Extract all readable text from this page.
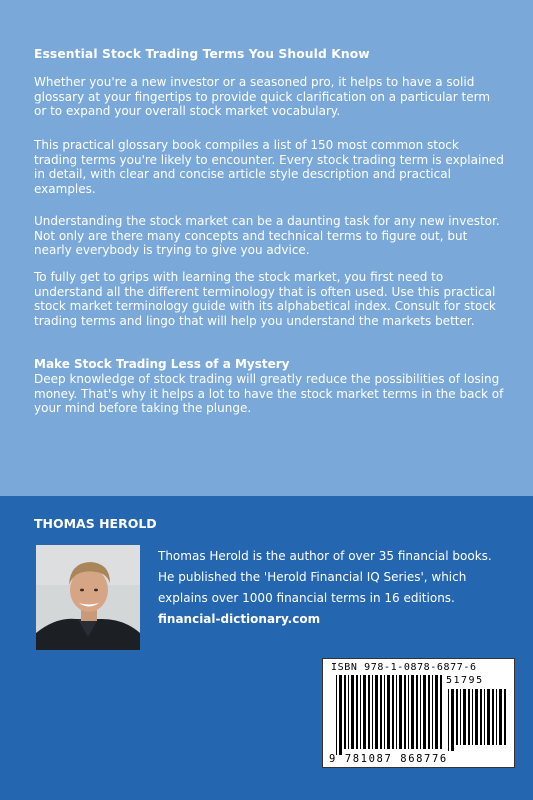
Essential Stock Trading Terms You Should Know
Whether you're a new investor or a seasoned pro, it helps to have a solid glossary at your fingertips to provide quick clarification on a particular term or to expand your overall stock market vocabulary.
This practical glossary book compiles a list of 150 most common stock trading terms you're likely to encounter. Every stock trading term is explained in detail, with clear and concise article style description and practical examples.
Understanding the stock market can be a daunting task for any new investor. Not only are there many concepts and technical terms to figure out, but nearly everybody is trying to give you advice.
To fully get to grips with learning the stock market, you first need to understand all the different terminology that is often used. Use this practical stock market terminology guide with its alphabetical index. Consult for stock trading terms and lingo that will help you understand the markets better.
Make Stock Trading Less of a Mystery
Deep knowledge of stock trading will greatly reduce the possibilities of losing money. That's why it helps a lot to have the stock market terms in the back of your mind before taking the plunge.
THOMAS HEROLD
Thomas Herold is the author of over 35 financial books. He published the 'Herold Financial IQ Series', which explains over 1000 financial terms in 16 editions.
financial-dictionary.com
ISBN 978-1-0878-6877-6
51795
9 781087 868776
